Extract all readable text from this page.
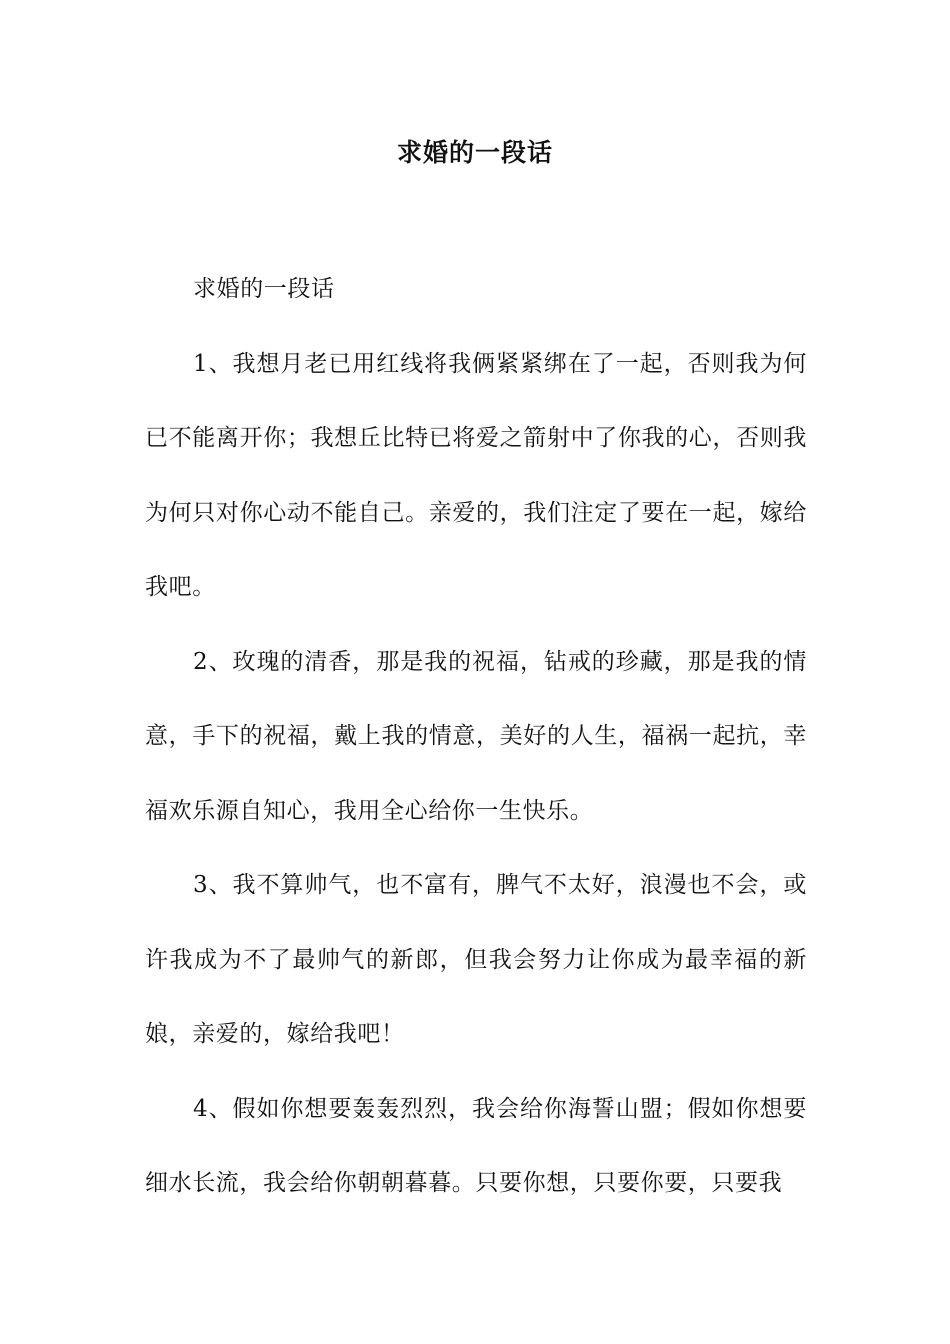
求婚的一段话

求婚的一段话

1、我想月老已用红线将我俩紧紧绑在了一起，否则我为何已不能离开你；我想丘比特已将爱之箭射中了你我的心，否则我为何只对你心动不能自己。亲爱的，我们注定了要在一起，嫁给我吧。

2、玫瑰的清香，那是我的祝福，钻戒的珍藏，那是我的情意，手下的祝福，戴上我的情意，美好的人生，福祸一起抗，幸福欢乐源自知心，我用全心给你一生快乐。

3、我不算帅气，也不富有，脾气不太好，浪漫也不会，或许我成为不了最帅气的新郎，但我会努力让你成为最幸福的新娘，亲爱的，嫁给我吧！

4、假如你想要轰轰烈烈，我会给你海誓山盟；假如你想要细水长流，我会给你朝朝暮暮。只要你想，只要你要，只要我
